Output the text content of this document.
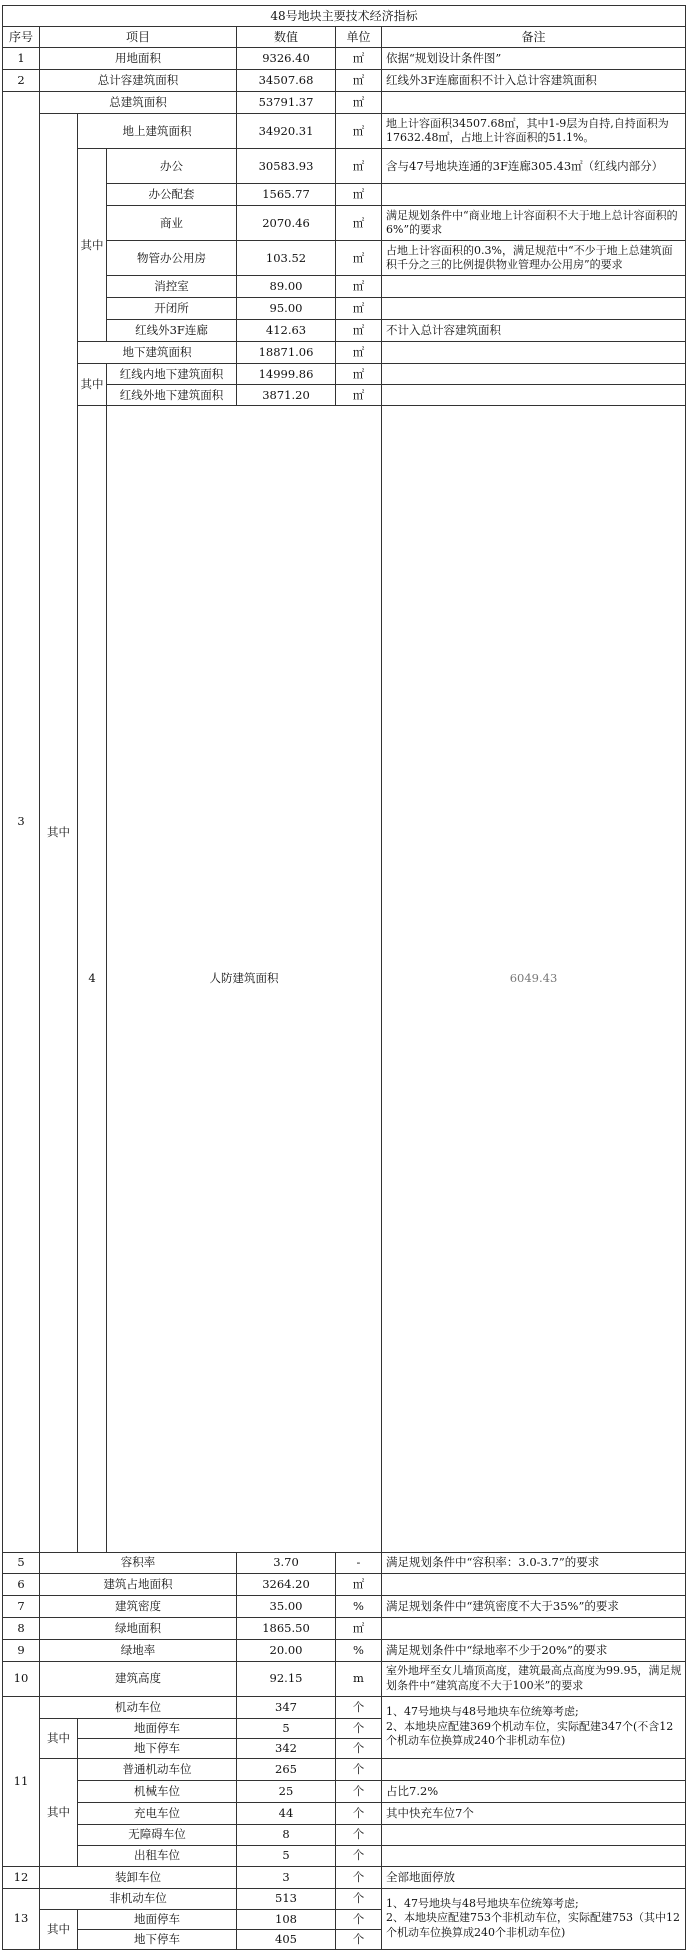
48号地块主要技术经济指标							
序号	项目			数值	单位	备注	
1	用地面积			9326.40	㎡	依据“规划设计条件图”	
2	总计容建筑面积			34507.68	㎡	红线外3F连廊面积不计入总计容建筑面积	
3	总建筑面积			53791.37	㎡		
	其中	地上建筑面积		34920.31	㎡	地上计容面积34507.68㎡，其中1-9层为自持,自持面积为17632.48㎡，占地上计容面积的51.1%。	
		其中	办公	30583.93	㎡	含与47号地块连通的3F连廊305.43㎡（红线内部分）	
			办公配套	1565.77	㎡		
			商业	2070.46	㎡	满足规划条件中“商业地上计容面积不大于地上总计容面积的6%”的要求	
			物管办公用房	103.52	㎡	占地上计容面积的0.3%，满足规范中“不少于地上总建筑面积千分之三的比例提供物业管理办公用房”的要求	
			消控室	89.00	㎡		
			开闭所	95.00	㎡		
			红线外3F连廊	412.63	㎡	不计入总计容建筑面积	
		地下建筑面积		18871.06	㎡		
		其中	红线内地下建筑面积	14999.86	㎡		
			红线外地下建筑面积	3871.20	㎡		
		4	人防建筑面积			6049.43		

5	容积率			3.70	-	满足规划条件中“容积率：3.0-3.7”的要求	
6	建筑占地面积			3264.20	㎡		
7	建筑密度			35.00	%	满足规划条件中“建筑密度不大于35%”的要求	
8	绿地面积			1865.50	㎡		
9	绿地率			20.00	%	满足规划条件中“绿地率不少于20%”的要求	
10	建筑高度			92.15	m	室外地坪至女儿墙顶高度，建筑最高点高度为99.95，满足规划条件中“建筑高度不大于100米”的要求	
11	机动车位			347	个	1、47号地块与48号地块车位统筹考虑;
2、本地块应配建369个机动车位，实际配建347个(不含12个机动车位换算成240个非机动车位)	

	其中	地面停车		5	个		
		地下停车		342	个		
	其中	普通机动车位		265	个		
		机械车位		25	个	占比7.2%	
		充电车位		44	个	其中快充车位7个	
		无障碍车位		8	个		
		出租车位		5	个		
12	装卸车位			3	个	全部地面停放	
13	非机动车位			513	个	1、47号地块与48号地块车位统筹考虑;
2、本地块应配建753个非机动车位，实际配建753（其中12个机动车位换算成240个非机动车位)	

	其中	地面停车		108	个		
		地下停车		405	个		
